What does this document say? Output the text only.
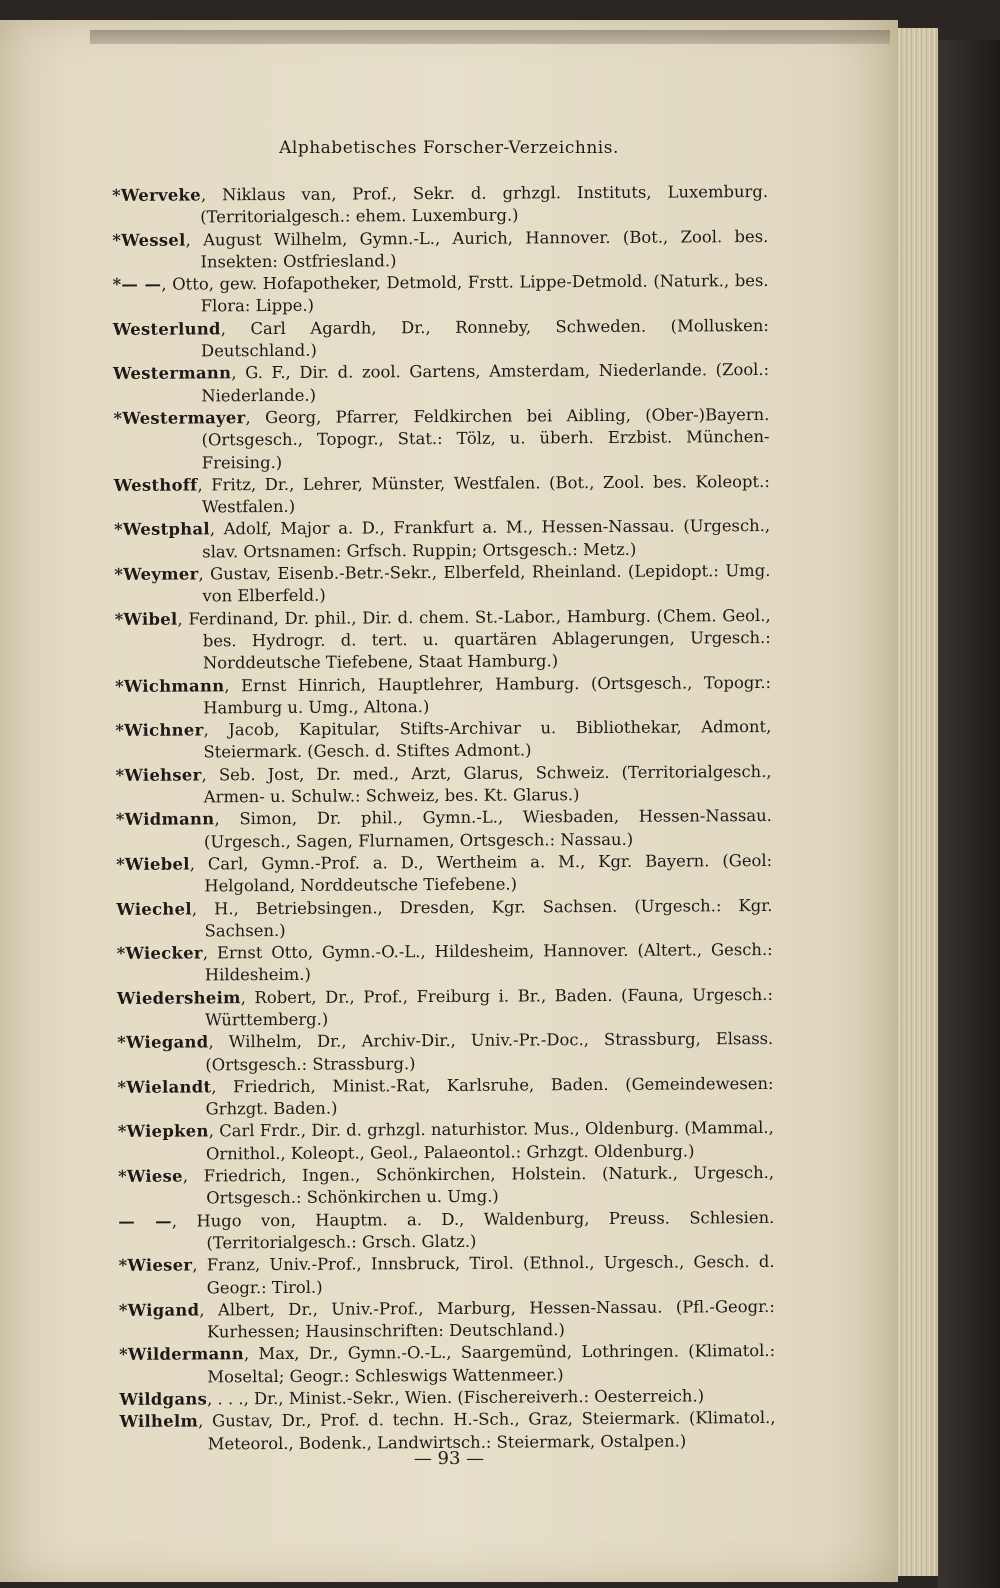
Alphabetisches Forscher-Verzeichnis.
*Werveke, Niklaus van, Prof., Sekr. d. grhzgl. Instituts, Luxemburg. (Territorialgesch.: ehem. Luxemburg.)
*Wessel, August Wilhelm, Gymn.-L., Aurich, Hannover. (Bot., Zool. bes. Insekten: Ostfriesland.)
*— —, Otto, gew. Hofapotheker, Detmold, Frstt. Lippe-Detmold. (Naturk., bes. Flora: Lippe.)
Westerlund, Carl Agardh, Dr., Ronneby, Schweden. (Mollusken: Deutschland.)
Westermann, G. F., Dir. d. zool. Gartens, Amsterdam, Niederlande. (Zool.: Niederlande.)
*Westermayer, Georg, Pfarrer, Feldkirchen bei Aibling, (Ober-)Bayern. (Ortsgesch., Topogr., Stat.: Tölz, u. überh. Erzbist. München-Freising.)
Westhoff, Fritz, Dr., Lehrer, Münster, Westfalen. (Bot., Zool. bes. Koleopt.: Westfalen.)
*Westphal, Adolf, Major a. D., Frankfurt a. M., Hessen-Nassau. (Urgesch., slav. Ortsnamen: Grfsch. Ruppin; Ortsgesch.: Metz.)
*Weymer, Gustav, Eisenb.-Betr.-Sekr., Elberfeld, Rheinland. (Lepidopt.: Umg. von Elberfeld.)
*Wibel, Ferdinand, Dr. phil., Dir. d. chem. St.-Labor., Hamburg. (Chem. Geol., bes. Hydrogr. d. tert. u. quartären Ablagerungen, Urgesch.: Norddeutsche Tiefebene, Staat Hamburg.)
*Wichmann, Ernst Hinrich, Hauptlehrer, Hamburg. (Ortsgesch., Topogr.: Hamburg u. Umg., Altona.)
*Wichner, Jacob, Kapitular, Stifts-Archivar u. Bibliothekar, Admont, Steiermark. (Gesch. d. Stiftes Admont.)
*Wiehser, Seb. Jost, Dr. med., Arzt, Glarus, Schweiz. (Territorialgesch., Armen- u. Schulw.: Schweiz, bes. Kt. Glarus.)
*Widmann, Simon, Dr. phil., Gymn.-L., Wiesbaden, Hessen-Nassau. (Urgesch., Sagen, Flurnamen, Ortsgesch.: Nassau.)
*Wiebel, Carl, Gymn.-Prof. a. D., Wertheim a. M., Kgr. Bayern. (Geol: Helgoland, Norddeutsche Tiefebene.)
Wiechel, H., Betriebsingen., Dresden, Kgr. Sachsen. (Urgesch.: Kgr. Sachsen.)
*Wiecker, Ernst Otto, Gymn.-O.-L., Hildesheim, Hannover. (Altert., Gesch.: Hildesheim.)
Wiedersheim, Robert, Dr., Prof., Freiburg i. Br., Baden. (Fauna, Urgesch.: Württemberg.)
*Wiegand, Wilhelm, Dr., Archiv-Dir., Univ.-Pr.-Doc., Strassburg, Elsass. (Ortsgesch.: Strassburg.)
*Wielandt, Friedrich, Minist.-Rat, Karlsruhe, Baden. (Gemeindewesen: Grhzgt. Baden.)
*Wiepken, Carl Frdr., Dir. d. grhzgl. naturhistor. Mus., Oldenburg. (Mammal., Ornithol., Koleopt., Geol., Palaeontol.: Grhzgt. Oldenburg.)
*Wiese, Friedrich, Ingen., Schönkirchen, Holstein. (Naturk., Urgesch., Ortsgesch.: Schönkirchen u. Umg.)
— —, Hugo von, Hauptm. a. D., Waldenburg, Preuss. Schlesien. (Territorialgesch.: Grsch. Glatz.)
*Wieser, Franz, Univ.-Prof., Innsbruck, Tirol. (Ethnol., Urgesch., Gesch. d. Geogr.: Tirol.)
*Wigand, Albert, Dr., Univ.-Prof., Marburg, Hessen-Nassau. (Pfl.-Geogr.: Kurhessen; Hausinschriften: Deutschland.)
*Wildermann, Max, Dr., Gymn.-O.-L., Saargemünd, Lothringen. (Klimatol.: Moseltal; Geogr.: Schleswigs Wattenmeer.)
Wildgans, . . ., Dr., Minist.-Sekr., Wien. (Fischereiverh.: Oesterreich.)
Wilhelm, Gustav, Dr., Prof. d. techn. H.-Sch., Graz, Steiermark. (Klimatol., Meteorol., Bodenk., Landwirtsch.: Steiermark, Ostalpen.)
— 93 —
